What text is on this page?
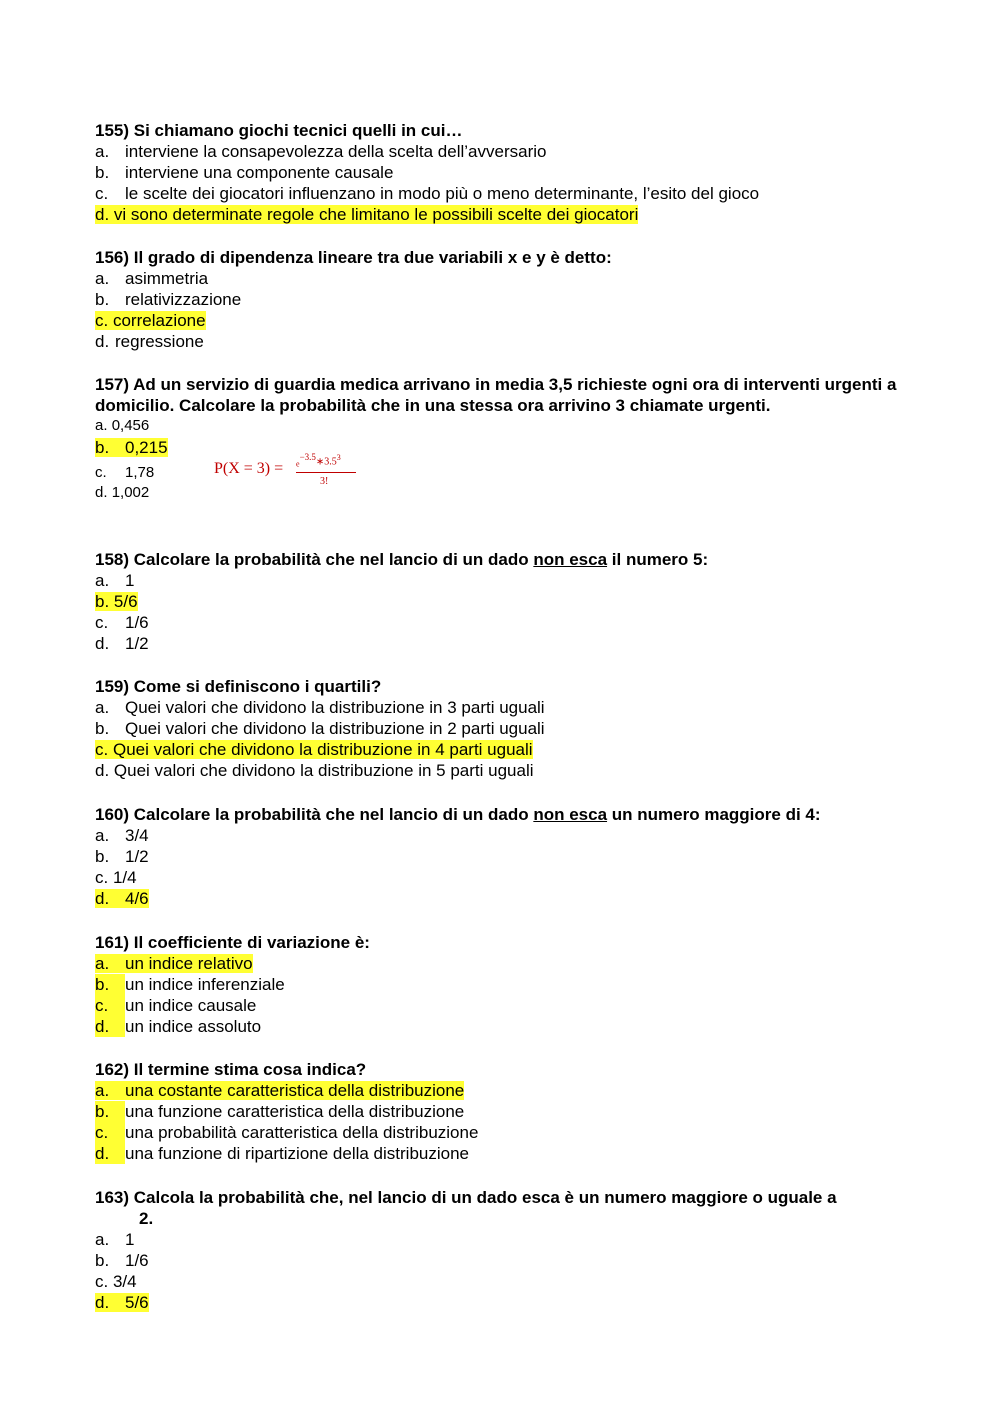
155) Si chiamano giochi tecnici quelli in cui…

a. interviene la consapevolezza della scelta dell’avversario
b. interviene una componente causale
c. le scelte dei giocatori influenzano in modo più o meno determinante, l’esito del gioco
d. vi sono determinate regole che limitano le possibili scelte dei giocatori

156) Il grado di dipendenza lineare tra due variabili x e y è detto:

a. asimmetria
b. relativizzazione
c. correlazione
d. regressione

157) Ad un servizio di guardia medica arrivano in media 3,5 richieste ogni ora di interventi urgenti a domicilio. Calcolare la probabilità che in una stessa ora arrivino 3 chiamate urgenti.

a. 0,456
b. 0,215
c. 1,78
d. 1,002
$P(X = 3) = _e^{-3.5}∗3.5^3$
3!

158) Calcolare la probabilità che nel lancio di un dado non esca il numero 5:

a. 1
b. 5/6
c. 1/6
d. 1/2

159) Come si definiscono i quartili?

a. Quei valori che dividono la distribuzione in 3 parti uguali
b. Quei valori che dividono la distribuzione in 2 parti uguali
c. Quei valori che dividono la distribuzione in 4 parti uguali
d. Quei valori che dividono la distribuzione in 5 parti uguali

160) Calcolare la probabilità che nel lancio di un dado non esca un numero maggiore di 4:

a. 3/4
b. 1/2
c. 1/4
d. 4/6

161) Il coefficiente di variazione è:

a. un indice relativo
b. un indice inferenziale
c. un indice causale
d. un indice assoluto

162) Il termine stima cosa indica?

a. una costante caratteristica della distribuzione
b. una funzione caratteristica della distribuzione
c. una probabilità caratteristica della distribuzione
d. una funzione di ripartizione della distribuzione

163) Calcola la probabilità che, nel lancio di un dado esca è un numero maggiore o uguale a
2.

a. 1
b. 1/6
c. 3/4
d. 5/6
